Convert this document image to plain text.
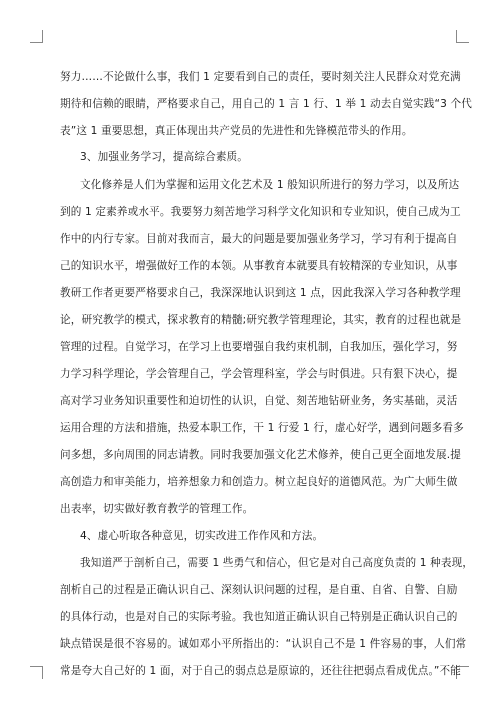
努力……不论做什么事，我们 1 定要看到自己的责任，要时刻关注人民群众对党充满
期待和信赖的眼睛，严格要求自己，用自己的 1 言 1 行、1 举 1 动去自觉实践“3 个代
表”这 1 重要思想，真正体现出共产党员的先进性和先锋模范带头的作用。
3、加强业务学习，提高综合素质。
文化修养是人们为掌握和运用文化艺术及 1 般知识所进行的努力学习，以及所达
到的 1 定素养或水平。我要努力刻苦地学习科学文化知识和专业知识，使自己成为工
作中的内行专家。目前对我而言，最大的问题是要加强业务学习，学习有利于提高自
己的知识水平，增强做好工作的本领。从事教育本就要具有较精深的专业知识，从事
教研工作者更要严格要求自己，我深深地认识到这 1 点，因此我深入学习各种教学理
论，研究教学的模式，探求教育的精髓;研究教学管理理论，其实，教育的过程也就是
管理的过程。自觉学习，在学习上也要增强自我约束机制，自我加压，强化学习，努
力学习科学理论，学会管理自己，学会管理科室，学会与时俱进。只有狠下决心，提
高对学习业务知识重要性和迫切性的认识，自觉、刻苦地钻研业务，务实基础，灵活
运用合理的方法和措施，热爱本职工作，干 1 行爱 1 行，虚心好学，遇到问题多看多
问多想，多向周围的同志请教。同时我要加强文化艺术修养，使自己更全面地发展.提
高创造力和审美能力，培养想象力和创造力。树立起良好的道德风范。为广大师生做
出表率，切实做好教育教学的管理工作。
4、虚心听取各种意见，切实改进工作作风和方法。
我知道严于剖析自己，需要 1 些勇气和信心，但它是对自己高度负责的 1 种表现，
剖析自己的过程是正确认识自己、深刻认识问题的过程，是自重、自省、自警、自励
的具体行动，也是对自己的实际考验。我也知道正确认识自己特别是正确认识自己的
缺点错误是很不容易的。诚如邓小平所指出的：“认识自己不是 1 件容易的事，人们常
常是夸大自己好的 1 面，对于自己的弱点总是原谅的，还往往把弱点看成优点。”不能
